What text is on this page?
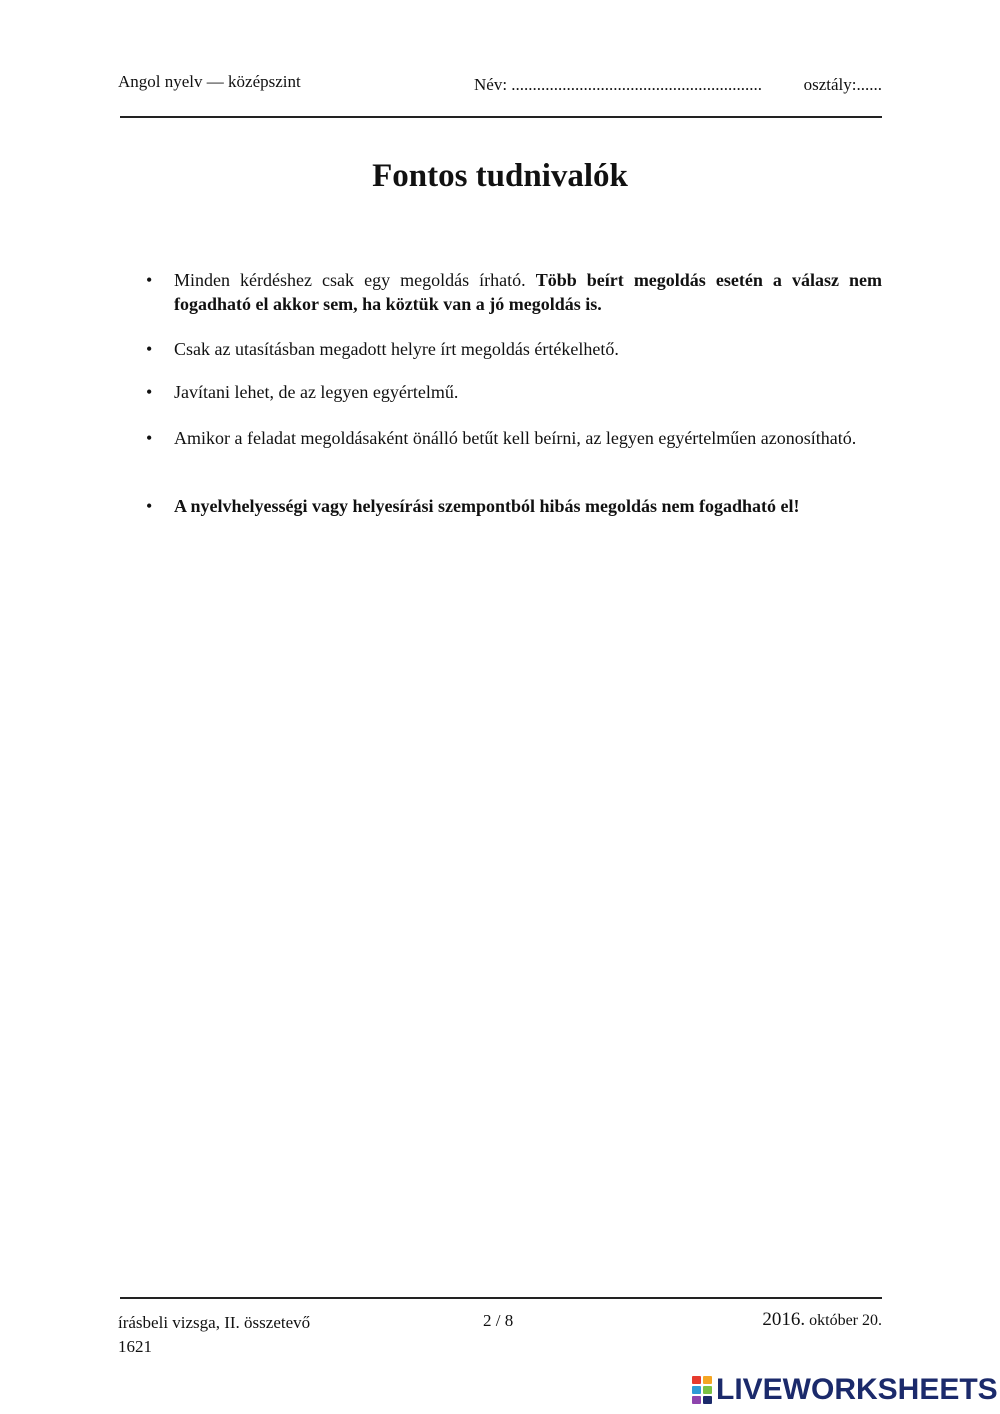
Angol nyelv — középszint	Név: ........................................................... osztály:......
Fontos tudnivalók
•	Minden kérdéshez csak egy megoldás írható. Több beírt megoldás esetén a válasz nem fogadható el akkor sem, ha köztük van a jó megoldás is.
•	Csak az utasításban megadott helyre írt megoldás értékelhető.
•	Javítani lehet, de az legyen egyértelmű.
•	Amikor a feladat megoldásaként önálló betűt kell beírni, az legyen egyértelműen azonosítható.
•	A nyelvhelyességi vagy helyesírási szempontból hibás megoldás nem fogadható el!
írásbeli vizsga, II. összetevő
1621
2 / 8	2016. október 20.
LIVEWORKSHEETS
